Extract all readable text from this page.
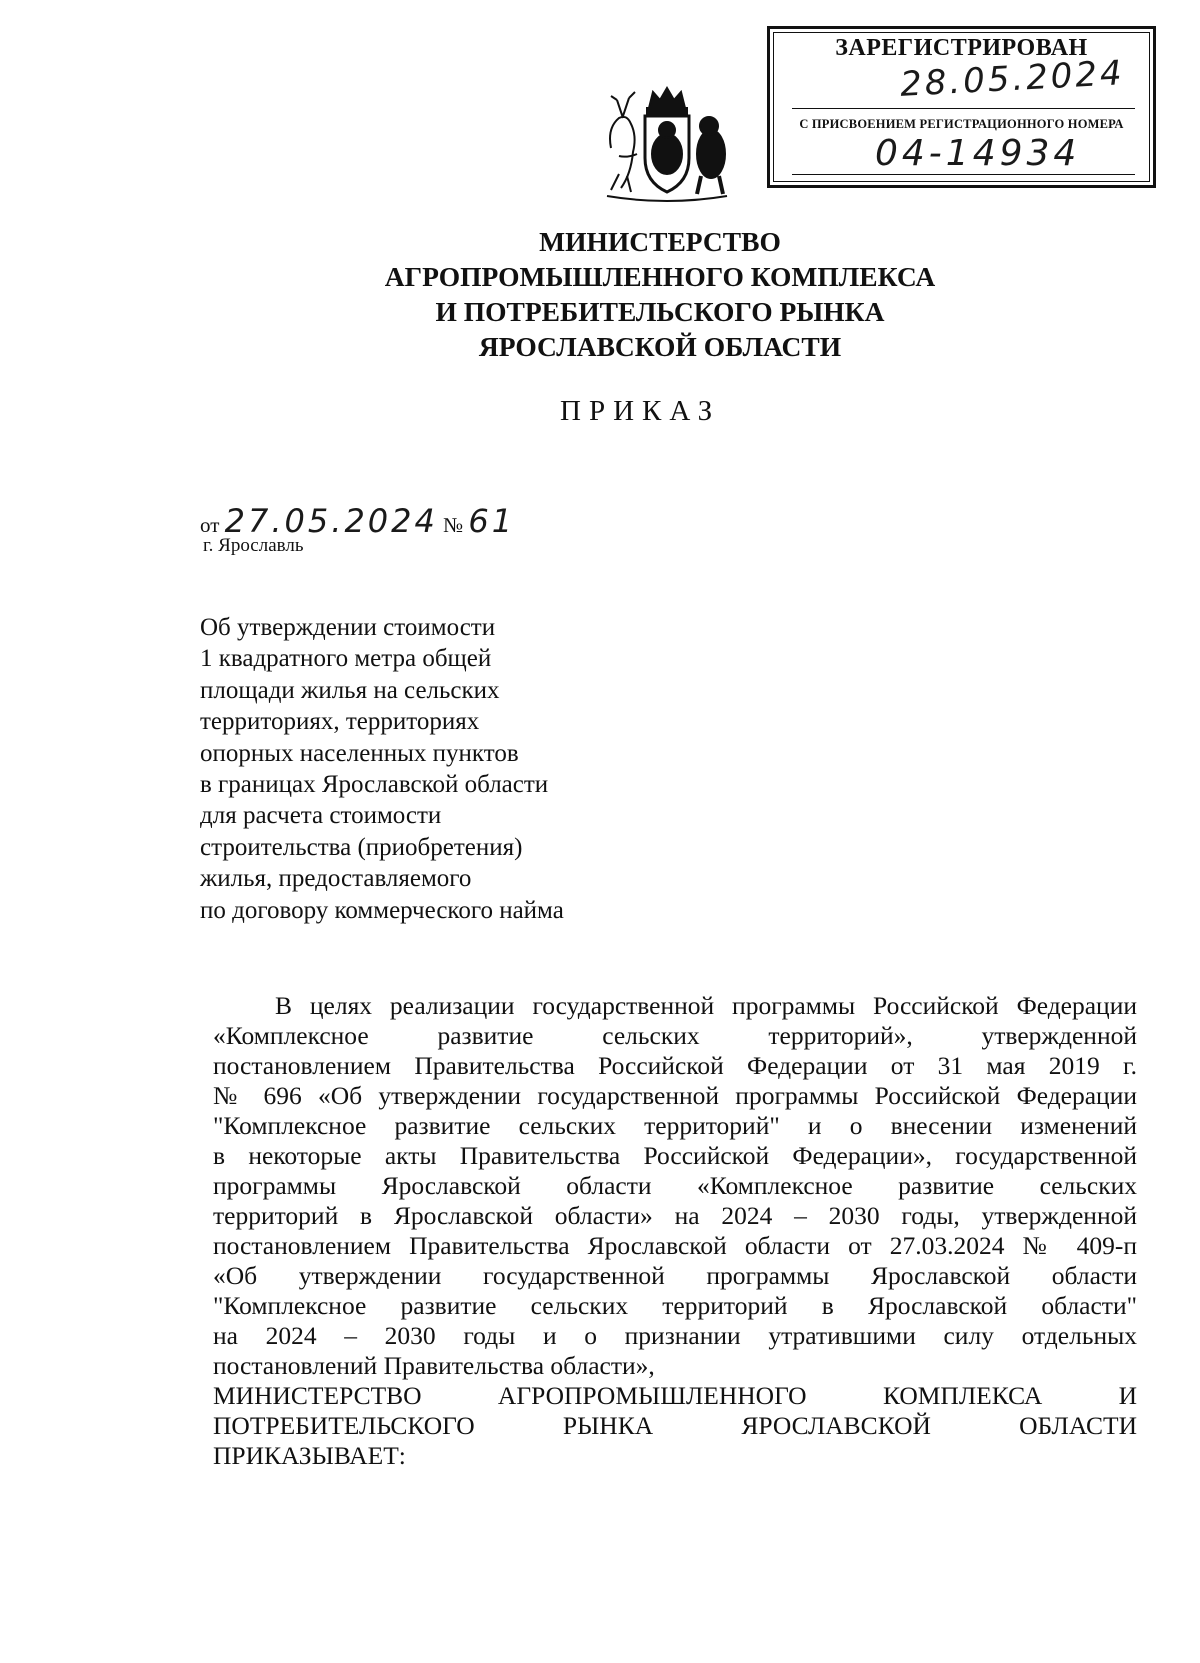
ЗАРЕГИСТРИРОВАН
28.05.2024
С ПРИСВОЕНИЕМ РЕГИСТРАЦИОННОГО НОМЕРА
04-14934
МИНИСТЕРСТВО
АГРОПРОМЫШЛЕННОГО КОМПЛЕКСА
И ПОТРЕБИТЕЛЬСКОГО РЫНКА
ЯРОСЛАВСКОЙ ОБЛАСТИ
ПРИКАЗ
от 27.05.2024 № 61
г. Ярославль
Об утверждении стоимости
1 квадратного метра общей
площади жилья на сельских
территориях, территориях
опорных населенных пунктов
в границах Ярославской области
для расчета стоимости
строительства (приобретения)
жилья, предоставляемого
по договору коммерческого найма
В целях реализации государственной программы Российской Федерации
«Комплексное развитие сельских территорий», утвержденной
постановлением Правительства Российской Федерации от 31 мая 2019 г.
№ 696 «Об утверждении государственной программы Российской Федерации
"Комплексное развитие сельских территорий" и о внесении изменений
в некоторые акты Правительства Российской Федерации», государственной
программы Ярославской области «Комплексное развитие сельских
территорий в Ярославской области» на 2024 – 2030 годы, утвержденной
постановлением Правительства Ярославской области от 27.03.2024 № 409-п
«Об утверждении государственной программы Ярославской области
"Комплексное развитие сельских территорий в Ярославской области"
на 2024 – 2030 годы и о признании утратившими силу отдельных
постановлений Правительства области»,
МИНИСТЕРСТВО АГРОПРОМЫШЛЕННОГО КОМПЛЕКСА И
ПОТРЕБИТЕЛЬСКОГО РЫНКА ЯРОСЛАВСКОЙ ОБЛАСТИ
ПРИКАЗЫВАЕТ:
